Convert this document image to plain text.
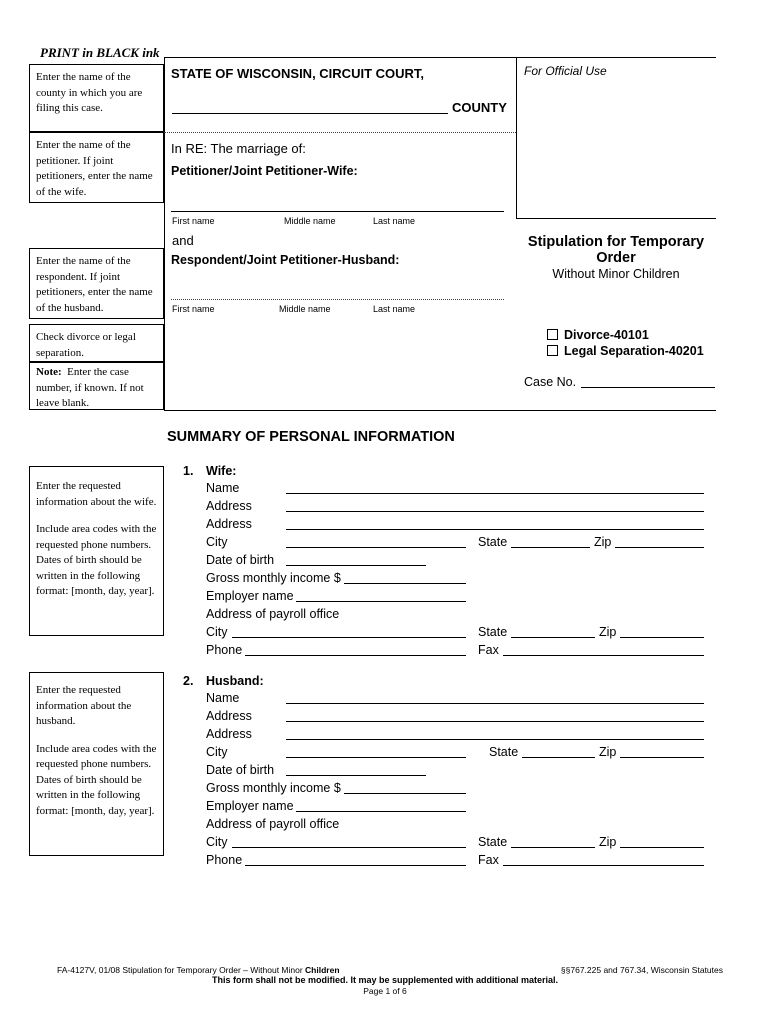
PRINT in BLACK ink

Enter the name of the county in which you are filing this case.

Enter the name of the petitioner. If joint petitioners, enter the name of the wife.

Enter the name of the respondent. If joint petitioners, enter the name of the husband.

Check divorce or legal separation.

Note: Enter the case number, if known. If not leave blank.

Enter the requested information about the wife.

Include area codes with the requested phone numbers. Dates of birth should be written in the following format: [month, day, year].

Enter the requested information about the husband.

Include area codes with the requested phone numbers. Dates of birth should be written in the following format: [month, day, year].

STATE OF WISCONSIN, CIRCUIT COURT,
COUNTY
In RE: The marriage of:
Petitioner/Joint Petitioner-Wife:
First name	Middle name	Last name
and
Respondent/Joint Petitioner-Husband:
First name	Middle name	Last name
For Official Use
Stipulation for Temporary Order
Without Minor Children
Divorce-40101
Legal Separation-40201
Case No.
SUMMARY OF PERSONAL INFORMATION
1. Wife:
Name
Address
Address
City	State	Zip
Date of birth
Gross monthly income $
Employer name
Address of payroll office
City	State	Zip
Phone	Fax
2. Husband:
Name
Address
Address
City	State	Zip
Date of birth
Gross monthly income $
Employer name
Address of payroll office
City	State	Zip
Phone	Fax
FA-4127V, 01/08 Stipulation for Temporary Order – Without Minor Children	§§767.225 and 767.34, Wisconsin Statutes
This form shall not be modified. It may be supplemented with additional material.
Page 1 of 6
